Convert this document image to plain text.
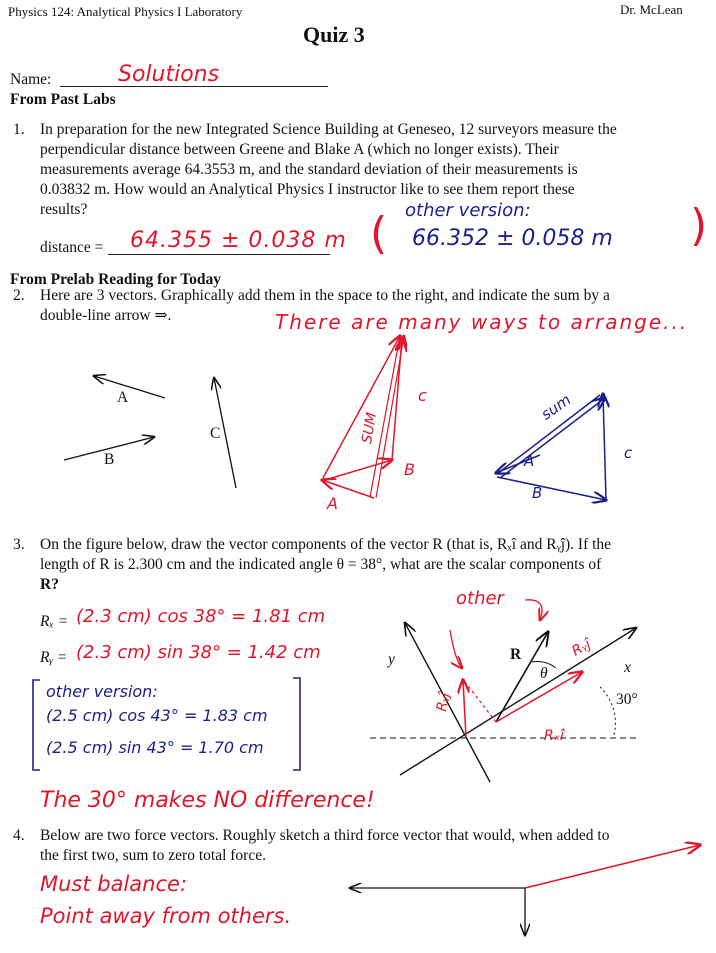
Physics 124: Analytical Physics I Laboratory	Dr. McLean
Quiz 3
Name:	Solutions
From Past Labs
1. In preparation for the new Integrated Science Building at Geneseo, 12 surveyors measure the
perpendicular distance between Greene and Blake A (which no longer exists). Their
measurements average 64.3553 m, and the standard deviation of their measurements is
0.03832 m. How would an Analytical Physics I instructor like to see them report these
results?
distance = 64.355 ± 0.038 m (	)
other version:
66.352 ± 0.058 m
From Prelab Reading for Today
2. Here are 3 vectors. Graphically add them in the space to the right, and indicate the sum by a
double-line arrow ⇒.	There are many ways to arrange...
A
B
C	SUM
A
B
c	sum
A
B
c
3. On the figure below, draw the vector components of the vector R (that is, Rₓî and Rᵧĵ). If the
length of R is 2.300 cm and the indicated angle θ = 38°, what are the scalar components of
R?
Rₓ = (2.3 cm) cos 38° = 1.81 cm
Rᵧ = (2.3 cm) sin 38° = 1.42 cm
other version:
(2.5 cm) cos 43° = 1.83 cm
(2.5 cm) sin 43° = 1.70 cm
The 30° makes NO difference!
y	x
R
θ
30°
other
Rᵧĵ
Rᵧĵ
Rₓî
4. Below are two force vectors. Roughly sketch a third force vector that would, when added to
the first two, sum to zero total force.
Must balance:
Point away from others.
